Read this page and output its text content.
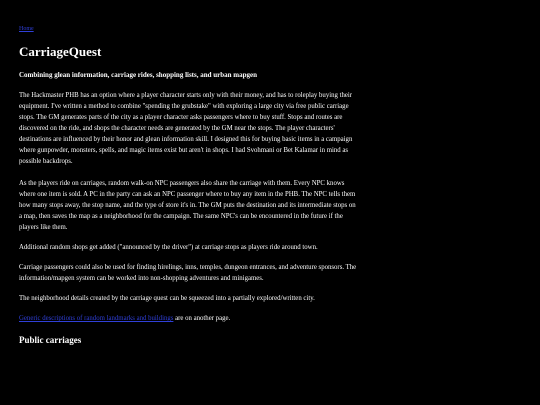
Home
CarriageQuest
Combining glean information, carriage rides, shopping lists, and urban mapgen

The Hackmaster PHB has an option where a player character starts only with their money, and has to roleplay buying their equipment. I've written a method to combine "spending the grubstake" with exploring a large city via free public carriage stops. The GM generates parts of the city as a player character asks passengers where to buy stuff. Stops and routes are discovered on the ride, and shops the character needs are generated by the GM near the stops. The player characters' destinations are influenced by their honor and glean information skill. I designed this for buying basic items in a campaign where gunpowder, monsters, spells, and magic items exist but aren't in shops. I had Svohmani or Bet Kalamar in mind as possible backdrops.

As the players ride on carriages, random walk-on NPC passengers also share the carriage with them. Every NPC knows where one item is sold. A PC in the party can ask an NPC passenger where to buy any item in the PHB. The NPC tells them how many stops away, the stop name, and the type of store it's in. The GM puts the destination and its intermediate stops on a map, then saves the map as a neighborhood for the campaign. The same NPC's can be encountered in the future if the players like them.

Additional random shops get added ("announced by the driver") at carriage stops as players ride around town.

Carriage passengers could also be used for finding hirelings, inns, temples, dungeon entrances, and adventure sponsors. The information/mapgen system can be worked into non-shopping adventures and minigames.

The neighborhood details created by the carriage quest can be squeezed into a partially explored/written city.

Generic descriptions of random landmarks and buildings are on another page.

Public carriages
